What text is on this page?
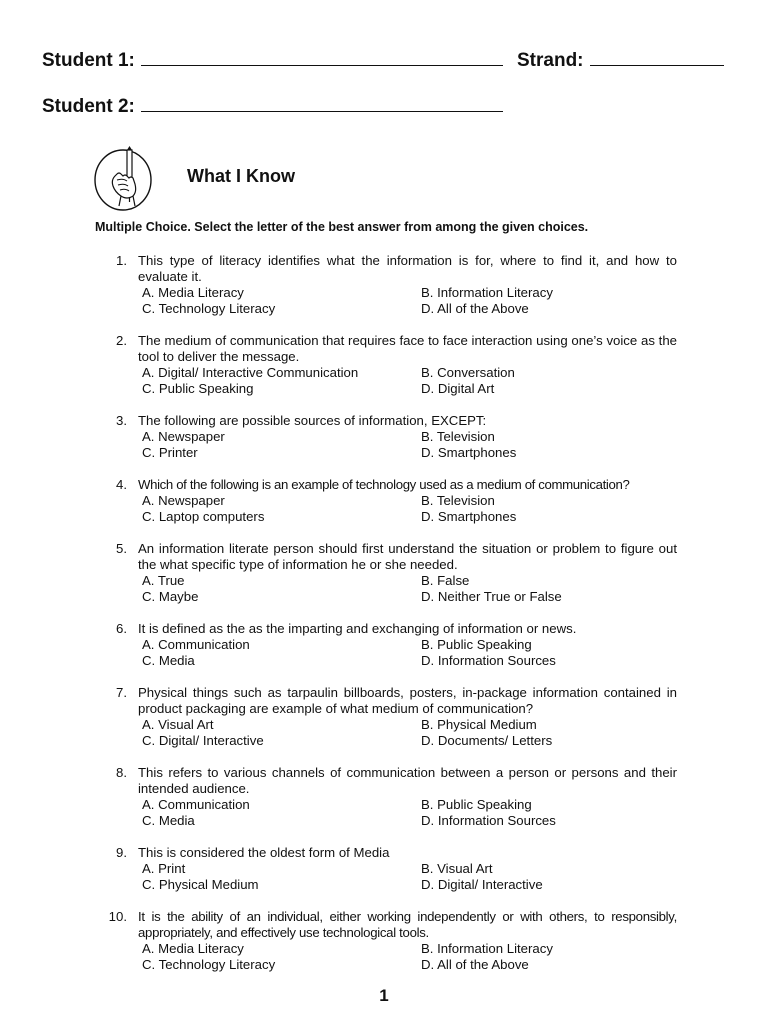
Student 1:	Strand:
Student 2:
What I Know
Multiple Choice. Select the letter of the best answer from among the given choices.
1. This type of literacy identifies what the information is for, where to find it, and how to evaluate it.
A. Media Literacy	B. Information Literacy
C. Technology Literacy	D. All of the Above
2. The medium of communication that requires face to face interaction using one’s voice as the tool to deliver the message.
A. Digital/ Interactive Communication	B. Conversation
C. Public Speaking	D. Digital Art
3. The following are possible sources of information, EXCEPT:
A. Newspaper	B. Television
C. Printer	D. Smartphones
4. Which of the following is an example of technology used as a medium of communication?
A. Newspaper	B. Television
C. Laptop computers	D. Smartphones
5. An information literate person should first understand the situation or problem to figure out the what specific type of information he or she needed.
A. True	B. False
C. Maybe	D. Neither True or False
6. It is defined as the as the imparting and exchanging of information or news.
A. Communication	B. Public Speaking
C. Media	D. Information Sources
7. Physical things such as tarpaulin billboards, posters, in-package information contained in product packaging are example of what medium of communication?
A. Visual Art	B. Physical Medium
C. Digital/ Interactive	D. Documents/ Letters
8. This refers to various channels of communication between a person or persons and their intended audience.
A. Communication	B. Public Speaking
C. Media	D. Information Sources
9. This is considered the oldest form of Media
A. Print	B. Visual Art
C. Physical Medium	D. Digital/ Interactive
10. It is the ability of an individual, either working independently or with others, to responsibly, appropriately, and effectively use technological tools.
A. Media Literacy	B. Information Literacy
C. Technology Literacy	D. All of the Above
1
